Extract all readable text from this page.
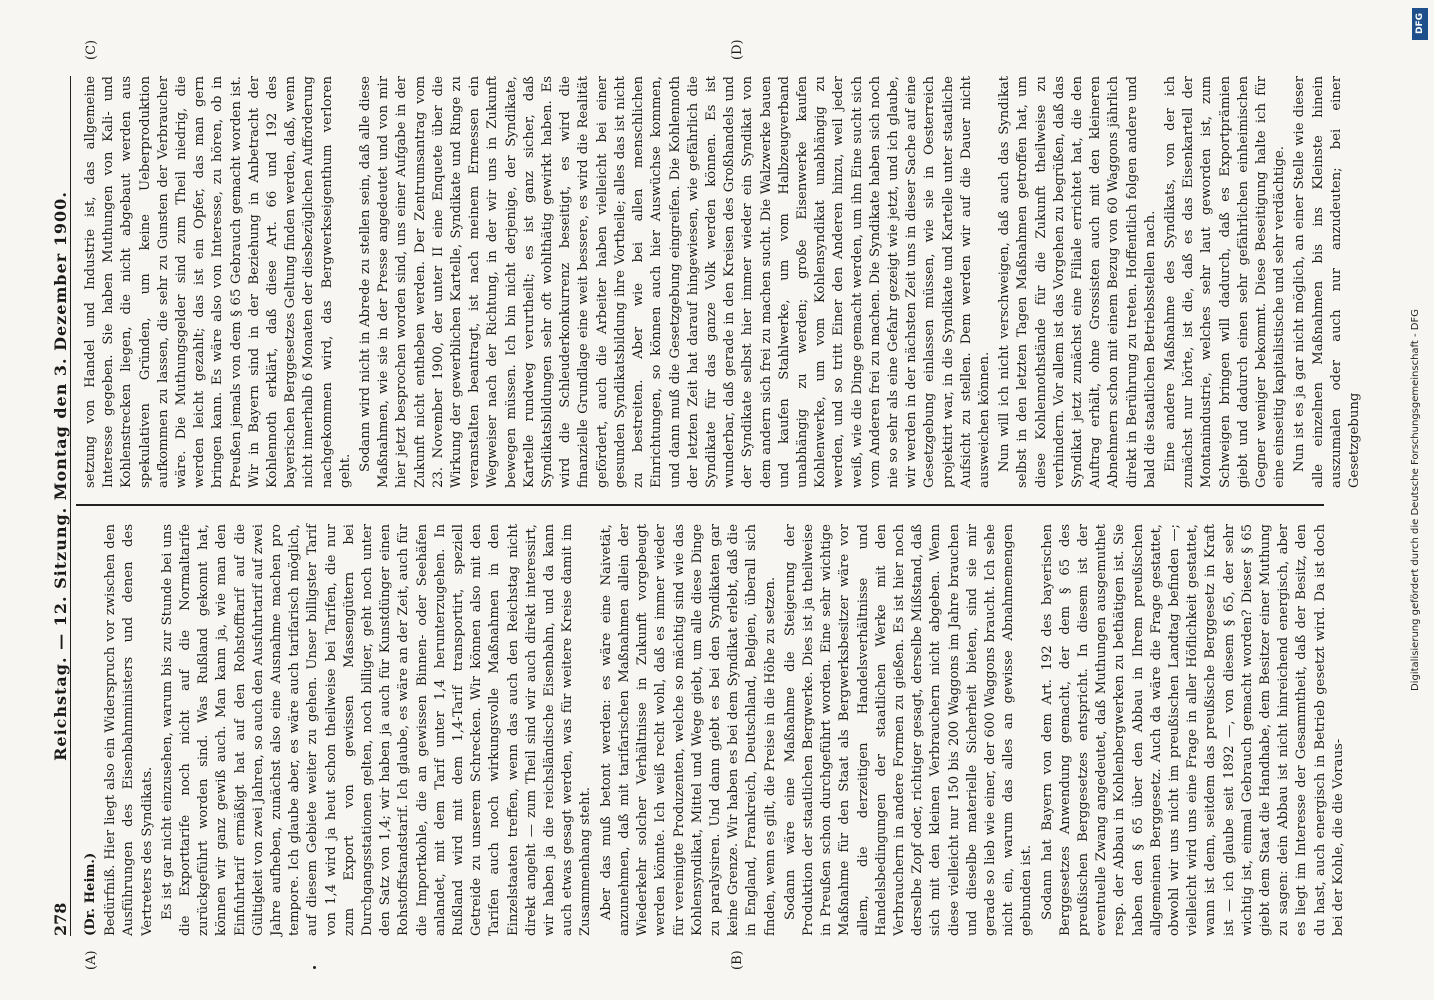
278
Reichstag. — 12. Sitzung. Montag den 3. Dezember 1900.
(A)	(B)
(C)	(D)

(Dr. Heim.) Bedürfniß. Hier liegt also ein Widerspruch vor zwischen den Ausführungen des Eisenbahnministers und denen des Vertreters des Syndikats. Es ist gar nicht einzusehen, warum bis zur Stunde bei uns die Exporttarife noch nicht auf die Normaltarife zurückgeführt worden sind. Was Rußland gekonnt hat, können wir ganz gewiß auch. Man kann ja, wie man den Einfuhrtarif ermäßigt hat auf den Rohstofftarif auf die Gültigkeit von zwei Jahren, so auch den Ausfuhrtarif auf zwei Jahre aufheben, zunächst also eine Ausnahme machen pro tempore. Ich glaube aber, es wäre auch tarifarisch möglich, auf diesem Gebiete weiter zu gehen. Unser billigster Tarif von 1,4 wird ja heut schon theilweise bei Tarifen, die nur zum Export von gewissen Massengütern bei Durchgangsstationen gelten, noch billiger, geht noch unter den Satz von 1,4; wir haben ja auch für Kunstdünger einen Rohstoffstandstarif. Ich glaube, es wäre an der Zeit, auch für die Importkohle, die an gewissen Binnen- oder Seehäfen anlandet, mit dem Tarif unter 1,4 herunterzugehen. In Rußland wird mit dem 1,4-Tarif transportirt, speziell Getreide zu unserem Schrecken. Wir können also mit den Tarifen auch noch wirkungsvolle Maßnahmen in den Einzelstaaten treffen, wenn das auch den Reichstag nicht direkt angeht — zum Theil sind wir auch direkt interessirt, wir haben ja die reichsländische Eisenbahn, und da kann auch etwas gesagt werden, was für weitere Kreise damit im Zusammenhang steht. Aber das muß betont werden: es wäre eine Naivetät, anzunehmen, daß mit tarifarischen Maßnahmen allein der Wiederkehr solcher Verhältnisse in Zukunft vorgebeugt werden könnte. Ich weiß recht wohl, daß es immer wieder für vereinigte Produzenten, welche so mächtig sind wie das Kohlensyndikat, Mittel und Wege giebt, um alle diese Dinge zu paralysiren. Und dann giebt es bei den Syndikaten gar keine Grenze. Wir haben es bei dem Syndikat erlebt, daß die in England, Frankreich, Deutschland, Belgien, überall sich finden, wenn es gilt, die Preise in die Höhe zu setzen. Sodann wäre eine Maßnahme die Steigerung der Produktion der staatlichen Bergwerke. Dies ist ja theilweise in Preußen schon durchgeführt worden. Eine sehr wichtige Maßnahme für den Staat als Bergwerksbesitzer wäre vor allem, die derzeitigen Handelsverhältnisse und Handelsbedingungen der staatlichen Werke mit den Verbrauchern in andere Formen zu gießen. Es ist hier noch derselbe Zopf oder, richtiger gesagt, derselbe Mißstand, daß sich mit den kleinen Verbrauchern nicht abgeben. Wenn diese vielleicht nur 150 bis 200 Waggons im Jahre brauchen und dieselbe materielle Sicherheit bieten, sind sie mir gerade so lieb wie einer, der 600 Waggons braucht. Ich sehe nicht ein, warum das alles an gewisse Abnahmemengen gebunden ist. Sodann hat Bayern von dem Art. 192 des bayerischen Berggesetzes Anwendung gemacht, der dem § 65 des preußischen Berggesetzes entspricht. In diesem ist der eventuelle Zwang angedeutet, daß Muthungen ausgemuthet resp. der Abbau in Kohlenbergwerken zu bethätigen ist. Sie haben den § 65 über den Abbau in Ihrem preußischen allgemeinen Berggesetz. Auch da wäre die Frage gestattet, obwohl wir uns nicht im preußischen Landtag befinden —; vielleicht wird uns eine Frage in aller Höflichkeit gestattet, wann ist denn, seitdem das preußische Berggesetz in Kraft ist — ich glaube seit 1892 —, von diesem § 65, der sehr wichtig ist, einmal Gebrauch gemacht worden? Dieser § 65 giebt dem Staat die Handhabe, dem Besitzer einer Muthung zu sagen: dein Abbau ist nicht hinreichend energisch, aber es liegt im Interesse der Gesammtheit, daß der Besitz, den du hast, auch energisch in Betrieb gesetzt wird. Da ist doch bei der Kohle, die die Voraus-

setzung von Handel und Industrie ist, das allgemeine Interesse gegeben. Sie haben Muthungen von Kali- und Kohlenstrecken liegen, die nicht abgebaut werden aus spekulativen Gründen, um keine Ueberproduktion aufkommen zu lassen, die sehr zu Gunsten der Verbraucher wäre. Die Muthungsgelder sind zum Theil niedrig, die werden leicht gezahlt; das ist ein Opfer, das man gern bringen kann. Es wäre also von Interesse, zu hören, ob in Preußen jemals von dem § 65 Gebrauch gemacht worden ist. Wir in Bayern sind in der Beziehung in Anbetracht der Kohlennoth erklärt, daß diese Art. 66 und 192 des bayerischen Berggesetzes Geltung finden werden, daß, wenn nicht innerhalb 6 Monaten der diesbezüglichen Aufforderung nachgekommen wird, das Bergwerkseigenthum verloren geht. Sodann wird nicht in Abrede zu stellen sein, daß alle diese Maßnahmen, wie sie in der Presse angedeutet und von mir hier jetzt besprochen worden sind, uns einer Aufgabe in der Zukunft nicht entheben werden. Der Zentrumsantrag vom 23. November 1900, der unter II eine Enquete über die Wirkung der gewerblichen Kartelle, Syndikate und Ringe zu veranstalten beantragt, ist nach meinem Ermessen ein Wegweiser nach der Richtung, in der wir uns in Zukunft bewegen müssen. Ich bin nicht derjenige, der Syndikate, Kartelle rundweg verurtheilt; es ist ganz sicher, daß Syndikatsbildungen sehr oft wohlthätig gewirkt haben. Es wird die Schleuderkonkurrenz beseitigt, es wird die finanzielle Grundlage eine weit bessere, es wird die Realität gefördert, auch die Arbeiter haben vielleicht bei einer gesunden Syndikatsbildung ihre Vortheile; alles das ist nicht zu bestreiten. Aber wie bei allen menschlichen Einrichtungen, so können auch hier Auswüchse kommen, und dann muß die Gesetzgebung eingreifen. Die Kohlennoth der letzten Zeit hat darauf hingewiesen, wie gefährlich die Syndikate für das ganze Volk werden können. Es ist wunderbar, daß gerade in den Kreisen des Großhandels und der Syndikate selbst hier immer wieder ein Syndikat von dem andern sich frei zu machen sucht. Die Walzwerke bauen und kaufen Stahlwerke, um vom Halbzeugverband unabhängig zu werden; große Eisenwerke kaufen Kohlenwerke, um vom Kohlensyndikat unabhängig zu werden, und so tritt Einer den Anderen hinzu, weil jeder weiß, wie die Dinge gemacht werden, um ihn Eine sucht sich vom Anderen frei zu machen. Die Syndikate haben sich noch nie so sehr als eine Gefahr gezeigt wie jetzt, und ich glaube, wir werden in der nächsten Zeit uns in dieser Sache auf eine Gesetzgebung einlassen müssen, wie sie in Oesterreich projektirt war, in die Syndikate und Kartelle unter staatliche Aufsicht zu stellen. Dem werden wir auf die Dauer nicht ausweichen können. Nun will ich nicht verschweigen, daß auch das Syndikat selbst in den letzten Tagen Maßnahmen getroffen hat, um diese Kohlennothstände für die Zukunft theilweise zu verhindern. Vor allem ist das Vorgehen zu begrüßen, daß das Syndikat jetzt zunächst eine Filiale errichtet hat, die den Auftrag erhält, ohne Grossisten auch mit den kleineren Abnehmern schon mit einem Bezug von 60 Waggons jährlich direkt in Berührung zu treten. Hoffentlich folgen andere und bald die staatlichen Betriebsstellen nach. Eine andere Maßnahme des Syndikats, von der ich zunächst nur hörte, ist die, daß es das Eisenkartell der Montanindustrie, welches sehr laut geworden ist, zum Schweigen bringen will dadurch, daß es Exportprämien giebt und dadurch einen sehr gefährlichen einheimischen Gegner weniger bekommt. Diese Beseitigung halte ich für eine einseitig kapitalistische und sehr verdächtige. Nun ist es ja gar nicht möglich, an einer Stelle wie dieser alle einzelnen Maßnahmen bis ins Kleinste hinein auszumalen oder auch nur anzudeuten; bei einer Gesetzgebung

DFG
Digitalisierung gefördert durch die Deutsche Forschungsgemeinschaft - DFG
